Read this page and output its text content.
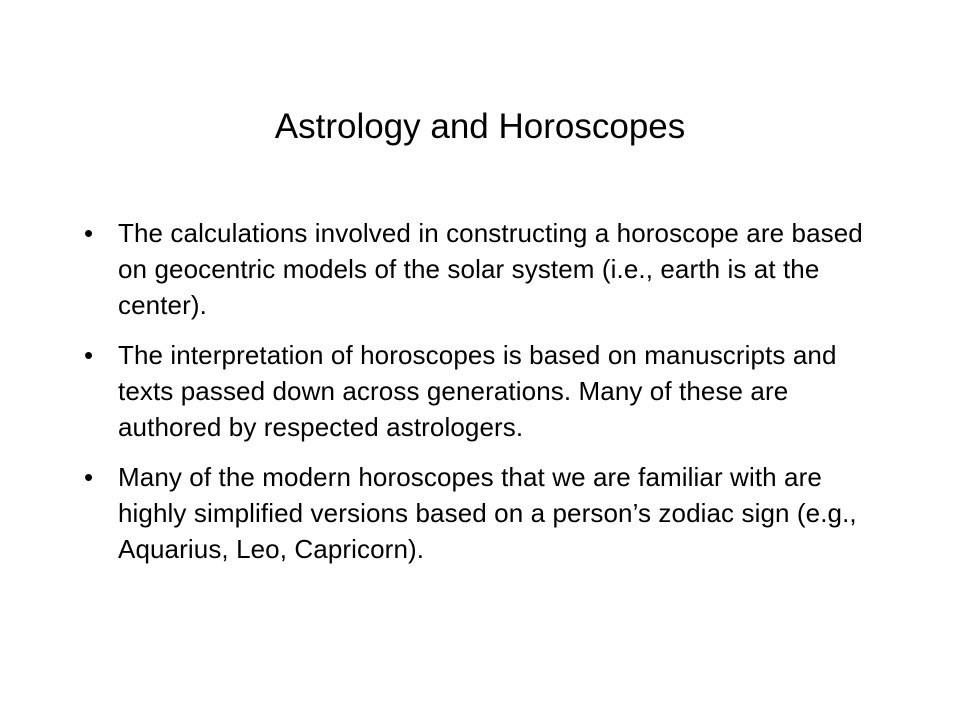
Astrology and Horoscopes
• The calculations involved in constructing a horoscope are based on geocentric models of the solar system (i.e., earth is at the center).
• The interpretation of horoscopes is based on manuscripts and texts passed down across generations. Many of these are authored by respected astrologers.
• Many of the modern horoscopes that we are familiar with are highly simplified versions based on a person’s zodiac sign (e.g., Aquarius, Leo, Capricorn).
